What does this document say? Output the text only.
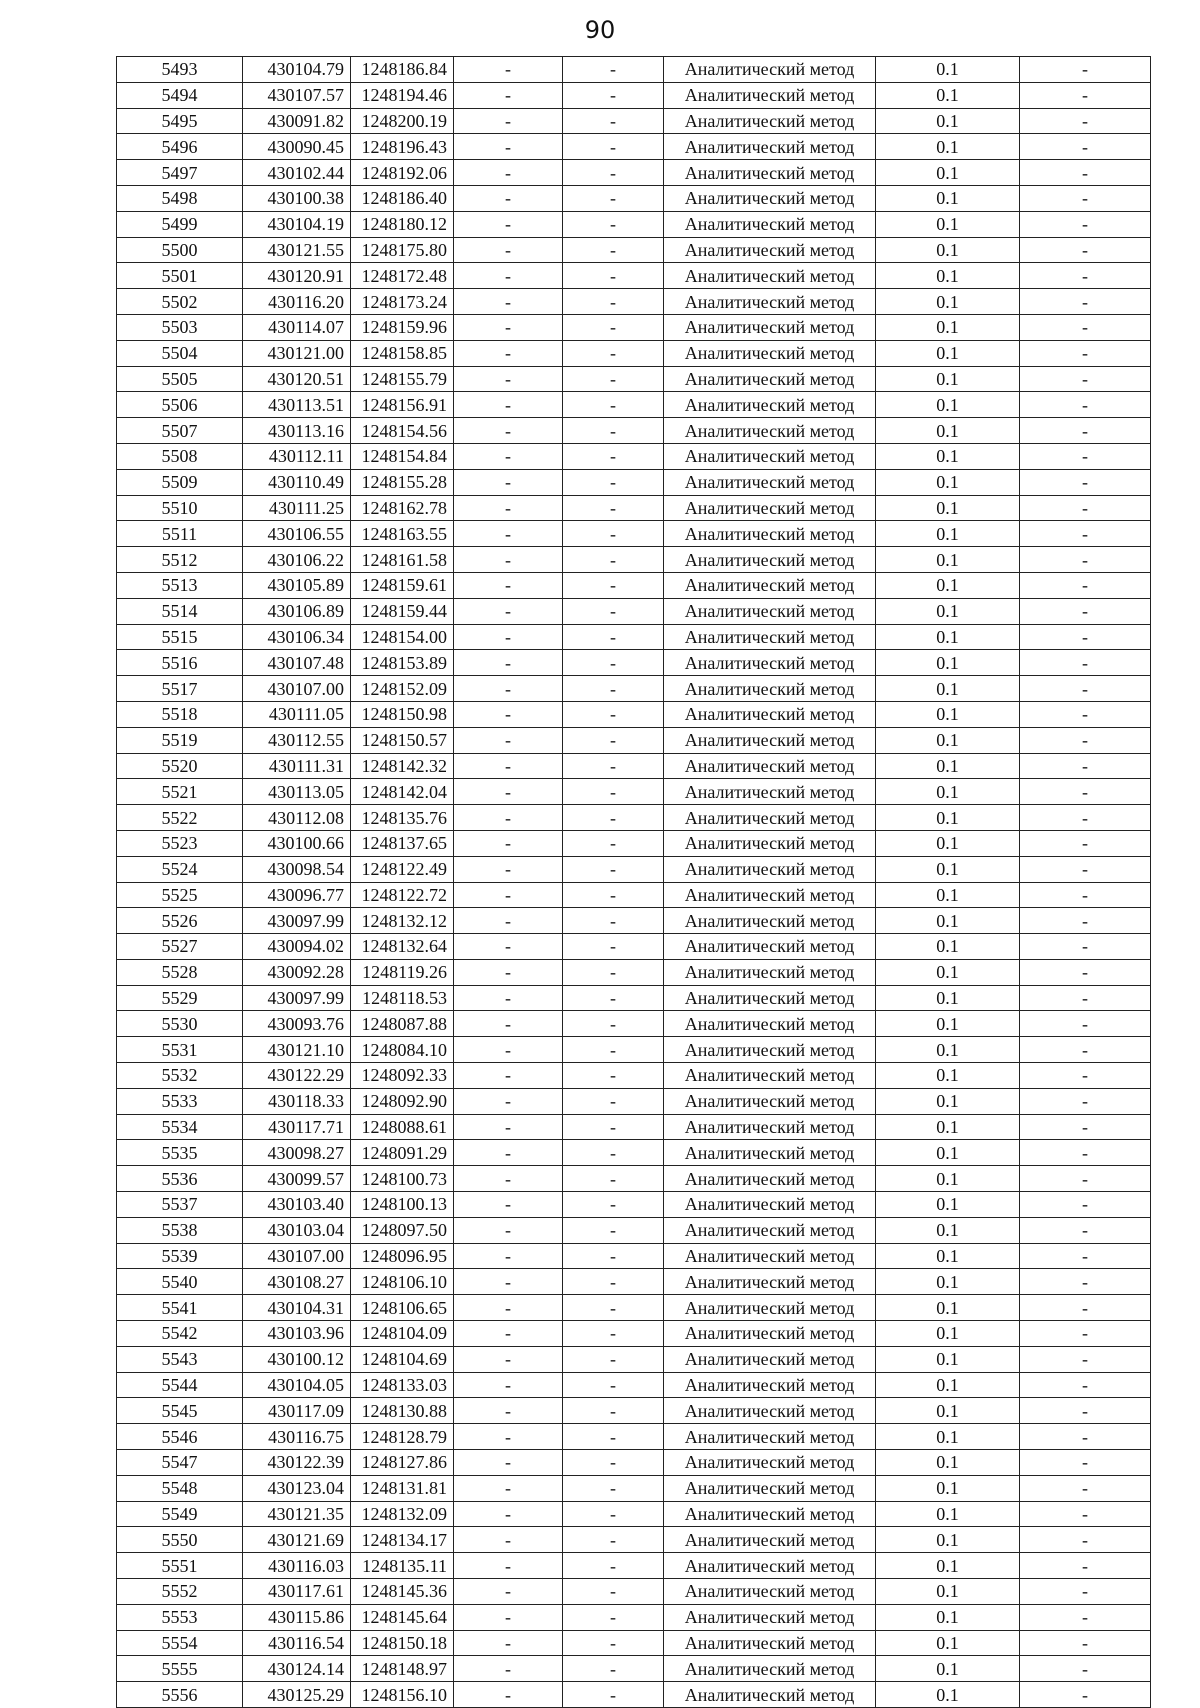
90
5493	430104.79	1248186.84	-	-	Аналитический метод	0.1	-
5494	430107.57	1248194.46	-	-	Аналитический метод	0.1	-
5495	430091.82	1248200.19	-	-	Аналитический метод	0.1	-
5496	430090.45	1248196.43	-	-	Аналитический метод	0.1	-
5497	430102.44	1248192.06	-	-	Аналитический метод	0.1	-
5498	430100.38	1248186.40	-	-	Аналитический метод	0.1	-
5499	430104.19	1248180.12	-	-	Аналитический метод	0.1	-
5500	430121.55	1248175.80	-	-	Аналитический метод	0.1	-
5501	430120.91	1248172.48	-	-	Аналитический метод	0.1	-
5502	430116.20	1248173.24	-	-	Аналитический метод	0.1	-
5503	430114.07	1248159.96	-	-	Аналитический метод	0.1	-
5504	430121.00	1248158.85	-	-	Аналитический метод	0.1	-
5505	430120.51	1248155.79	-	-	Аналитический метод	0.1	-
5506	430113.51	1248156.91	-	-	Аналитический метод	0.1	-
5507	430113.16	1248154.56	-	-	Аналитический метод	0.1	-
5508	430112.11	1248154.84	-	-	Аналитический метод	0.1	-
5509	430110.49	1248155.28	-	-	Аналитический метод	0.1	-
5510	430111.25	1248162.78	-	-	Аналитический метод	0.1	-
5511	430106.55	1248163.55	-	-	Аналитический метод	0.1	-
5512	430106.22	1248161.58	-	-	Аналитический метод	0.1	-
5513	430105.89	1248159.61	-	-	Аналитический метод	0.1	-
5514	430106.89	1248159.44	-	-	Аналитический метод	0.1	-
5515	430106.34	1248154.00	-	-	Аналитический метод	0.1	-
5516	430107.48	1248153.89	-	-	Аналитический метод	0.1	-
5517	430107.00	1248152.09	-	-	Аналитический метод	0.1	-
5518	430111.05	1248150.98	-	-	Аналитический метод	0.1	-
5519	430112.55	1248150.57	-	-	Аналитический метод	0.1	-
5520	430111.31	1248142.32	-	-	Аналитический метод	0.1	-
5521	430113.05	1248142.04	-	-	Аналитический метод	0.1	-
5522	430112.08	1248135.76	-	-	Аналитический метод	0.1	-
5523	430100.66	1248137.65	-	-	Аналитический метод	0.1	-
5524	430098.54	1248122.49	-	-	Аналитический метод	0.1	-
5525	430096.77	1248122.72	-	-	Аналитический метод	0.1	-
5526	430097.99	1248132.12	-	-	Аналитический метод	0.1	-
5527	430094.02	1248132.64	-	-	Аналитический метод	0.1	-
5528	430092.28	1248119.26	-	-	Аналитический метод	0.1	-
5529	430097.99	1248118.53	-	-	Аналитический метод	0.1	-
5530	430093.76	1248087.88	-	-	Аналитический метод	0.1	-
5531	430121.10	1248084.10	-	-	Аналитический метод	0.1	-
5532	430122.29	1248092.33	-	-	Аналитический метод	0.1	-
5533	430118.33	1248092.90	-	-	Аналитический метод	0.1	-
5534	430117.71	1248088.61	-	-	Аналитический метод	0.1	-
5535	430098.27	1248091.29	-	-	Аналитический метод	0.1	-
5536	430099.57	1248100.73	-	-	Аналитический метод	0.1	-
5537	430103.40	1248100.13	-	-	Аналитический метод	0.1	-
5538	430103.04	1248097.50	-	-	Аналитический метод	0.1	-
5539	430107.00	1248096.95	-	-	Аналитический метод	0.1	-
5540	430108.27	1248106.10	-	-	Аналитический метод	0.1	-
5541	430104.31	1248106.65	-	-	Аналитический метод	0.1	-
5542	430103.96	1248104.09	-	-	Аналитический метод	0.1	-
5543	430100.12	1248104.69	-	-	Аналитический метод	0.1	-
5544	430104.05	1248133.03	-	-	Аналитический метод	0.1	-
5545	430117.09	1248130.88	-	-	Аналитический метод	0.1	-
5546	430116.75	1248128.79	-	-	Аналитический метод	0.1	-
5547	430122.39	1248127.86	-	-	Аналитический метод	0.1	-
5548	430123.04	1248131.81	-	-	Аналитический метод	0.1	-
5549	430121.35	1248132.09	-	-	Аналитический метод	0.1	-
5550	430121.69	1248134.17	-	-	Аналитический метод	0.1	-
5551	430116.03	1248135.11	-	-	Аналитический метод	0.1	-
5552	430117.61	1248145.36	-	-	Аналитический метод	0.1	-
5553	430115.86	1248145.64	-	-	Аналитический метод	0.1	-
5554	430116.54	1248150.18	-	-	Аналитический метод	0.1	-
5555	430124.14	1248148.97	-	-	Аналитический метод	0.1	-
5556	430125.29	1248156.10	-	-	Аналитический метод	0.1	-
